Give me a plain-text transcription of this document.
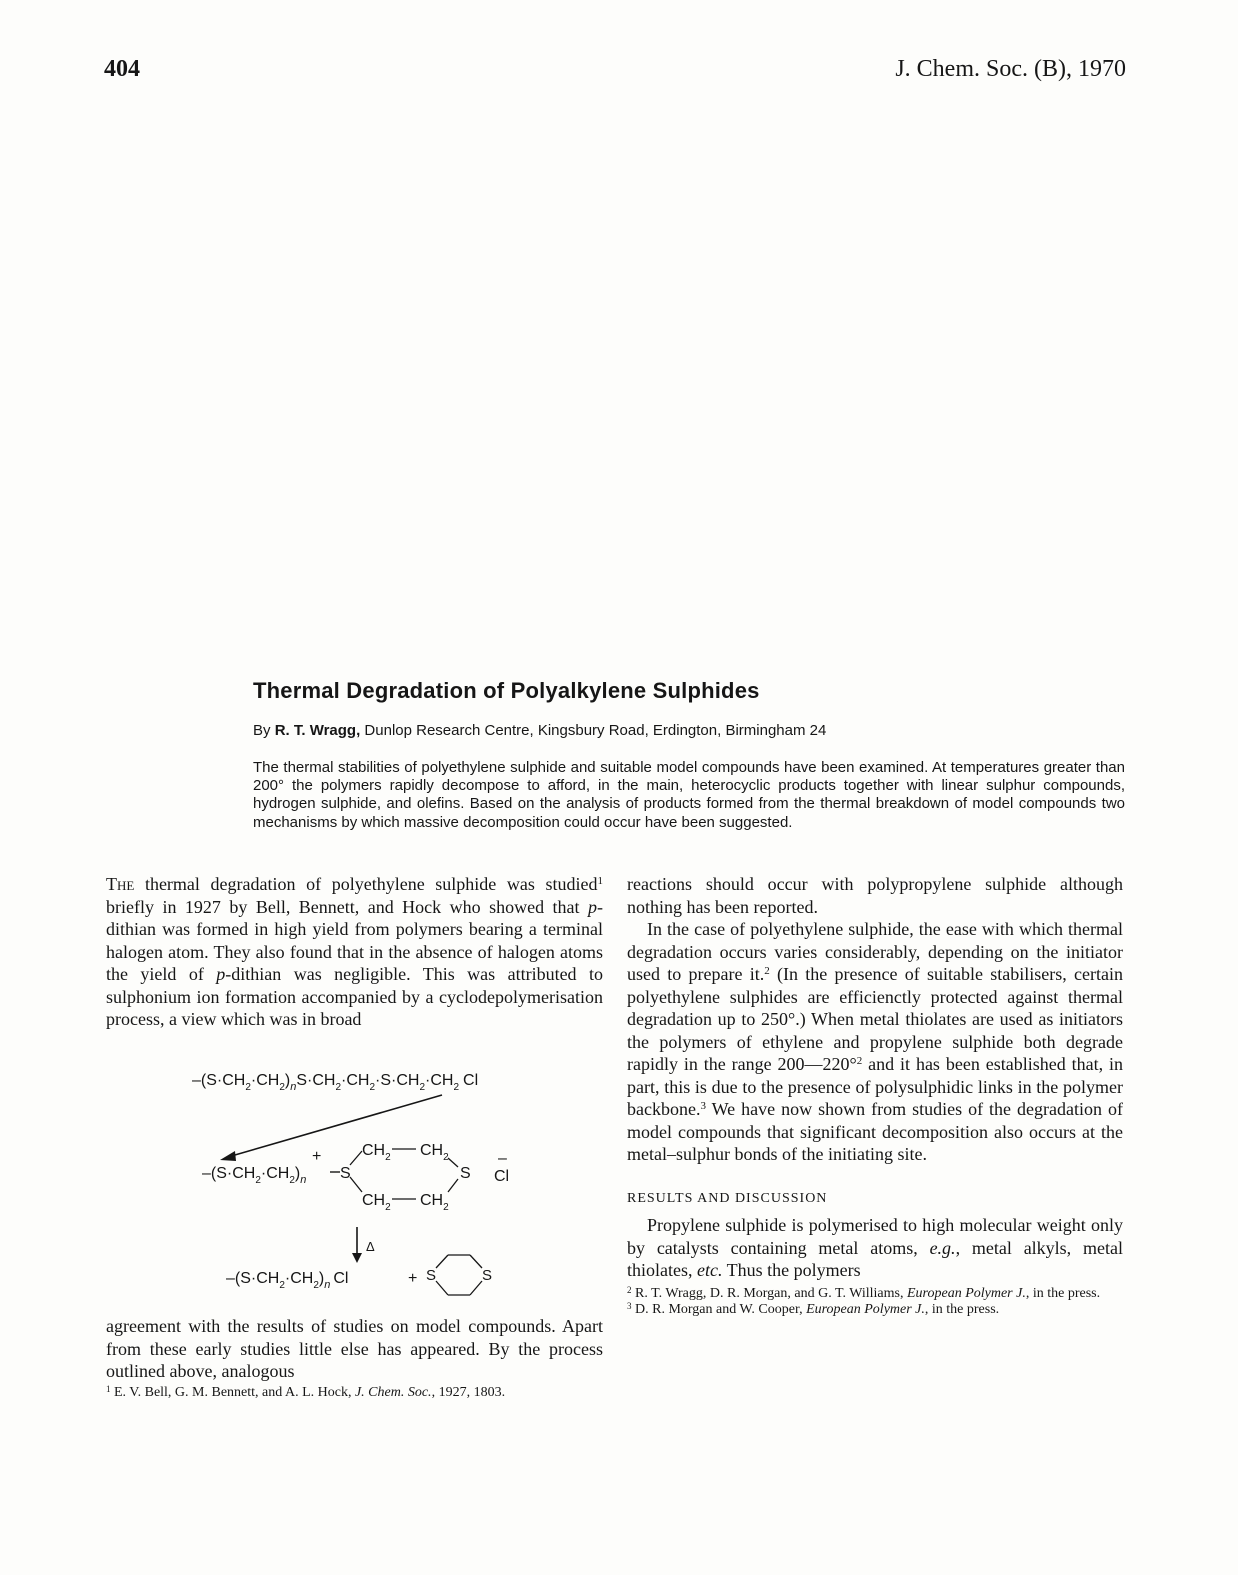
404	J. Chem. Soc. (B), 1970
Thermal Degradation of Polyalkylene Sulphides
By R. T. Wragg, Dunlop Research Centre, Kingsbury Road, Erdington, Birmingham 24

The thermal stabilities of polyethylene sulphide and suitable model compounds have been examined. At temperatures greater than 200° the polymers rapidly decompose to afford, in the main, heterocyclic products together with linear sulphur compounds, hydrogen sulphide, and olefins. Based on the analysis of products formed from the thermal breakdown of model compounds two mechanisms by which massive decomposition could occur have been suggested.

The thermal degradation of polyethylene sulphide was studied$^1$ briefly in 1927 by Bell, Bennett, and Hock who showed that p-dithian was formed in high yield from polymers bearing a terminal halogen atom. They also found that in the absence of halogen atoms the yield of p-dithian was negligible. This was attributed to sulphonium ion formation accompanied by a cyclodepolymerisation process, a view which was in broad

$-(S\cdot CH_2\cdot CH_2)_nS\cdot CH_2\cdot CH_2\cdot S\cdot CH_2\cdot CH_2$ Cl
$-(S\cdot CH_2\cdot CH_2)_n$
+
S
$CH_2$ $CH_2$
S
$CH_2$ $CH_2$
–
Cl
Δ
$-(S\cdot CH_2\cdot CH_2)_n$ Cl	+ S	S

agreement with the results of studies on model compounds. Apart from these early studies little else has appeared. By the process outlined above, analogous

$^1$ E. V. Bell, G. M. Bennett, and A. L. Hock, J. Chem. Soc., 1927, 1803.

reactions should occur with polypropylene sulphide although nothing has been reported.

In the case of polyethylene sulphide, the ease with which thermal degradation occurs varies considerably, depending on the initiator used to prepare it.$^2$ (In the presence of suitable stabilisers, certain polyethylene sulphides are efficienctly protected against thermal degradation up to 250°.) When metal thiolates are used as initiators the polymers of ethylene and propylene sulphide both degrade rapidly in the range 200—220°$^2$ and it has been established that, in part, this is due to the presence of polysulphidic links in the polymer backbone.$^3$ We have now shown from studies of the degradation of model compounds that significant decomposition also occurs at the metal–sulphur bonds of the initiating site.

RESULTS AND DISCUSSION

Propylene sulphide is polymerised to high molecular weight only by catalysts containing metal atoms, e.g., metal alkyls, metal thiolates, etc. Thus the polymers

$^2$ R. T. Wragg, D. R. Morgan, and G. T. Williams, European Polymer J., in the press.

$^3$ D. R. Morgan and W. Cooper, European Polymer J., in the press.
